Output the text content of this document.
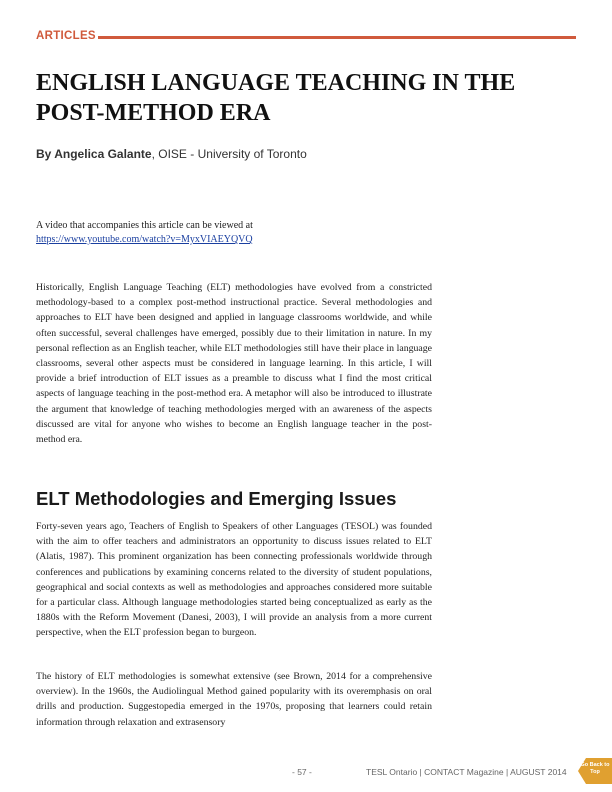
ARTICLES
ENGLISH LANGUAGE TEACHING IN THE POST-METHOD ERA
By Angelica Galante, OISE - University of Toronto
A video that accompanies this article can be viewed at
https://www.youtube.com/watch?v=MyxVIAEYQVQ

Historically, English Language Teaching (ELT) methodologies have evolved from a constricted methodology-based to a complex post-method instructional practice. Several methodologies and approaches to ELT have been designed and applied in language classrooms worldwide, and while often successful, several challenges have emerged, possibly due to their limitation in nature. In my personal reflection as an English teacher, while ELT methodologies still have their place in language classrooms, several other aspects must be considered in language learning. In this article, I will provide a brief introduction of ELT issues as a preamble to discuss what I find the most critical aspects of language teaching in the post-method era. A metaphor will also be introduced to illustrate the argument that knowledge of teaching methodologies merged with an awareness of the aspects discussed are vital for anyone who wishes to become an English language teacher in the post-method era.

ELT Methodologies and Emerging Issues

Forty-seven years ago, Teachers of English to Speakers of other Languages (TESOL) was founded with the aim to offer teachers and administrators an opportunity to discuss issues related to ELT (Alatis, 1987). This prominent organization has been connecting professionals worldwide through conferences and publications by examining concerns related to the diversity of student populations, geographical and social contexts as well as methodologies and approaches considered more suitable for a particular class. Although language methodologies started being conceptualized as early as the 1880s with the Reform Movement (Danesi, 2003), I will provide an analysis from a more current perspective, when the ELT profession began to burgeon.

The history of ELT methodologies is somewhat extensive (see Brown, 2014 for a comprehensive overview). In the 1960s, the Audiolingual Method gained popularity with its overemphasis on oral drills and production. Suggestopedia emerged in the 1970s, proposing that learners could retain information through relaxation and extrasensory

- 57 -	TESL Ontario | CONTACT Magazine | AUGUST 2014
Go Back to Top
